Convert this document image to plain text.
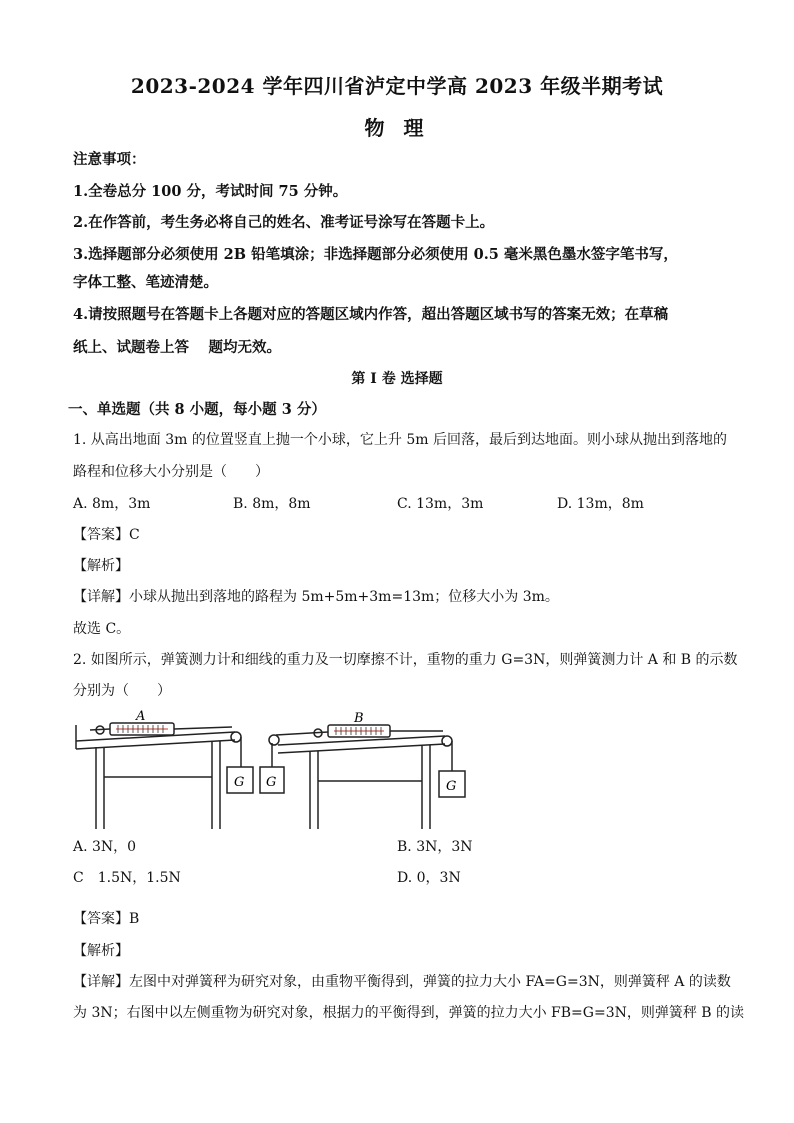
2023-2024 学年四川省泸定中学高 2023 年级半期考试
物 理
注意事项：
1.全卷总分 100 分，考试时间 75 分钟。
2.在作答前，考生务必将自己的姓名、准考证号涂写在答题卡上。
3.选择题部分必须使用 2B 铅笔填涂；非选择题部分必须使用 0.5 毫米黑色墨水签字笔书写，
字体工整、笔迹清楚。
4.请按照题号在答题卡上各题对应的答题区域内作答，超出答题区域书写的答案无效；在草稿
纸上、试题卷上答　 题均无效。
第 I 卷 选择题
一、单选题（共 8 小题，每小题 3 分）
1. 从高出地面 3m 的位置竖直上抛一个小球，它上升 5m 后回落，最后到达地面。则小球从抛出到落地的
路程和位移大小分别是（　　）
A. 8m，3m	B. 8m，8m	C. 13m，3m	D. 13m，8m
【答案】C
【解析】
【详解】小球从抛出到落地的路程为 5m+5m+3m=13m；位移大小为 3m。
故选 C。
2. 如图所示，弹簧测力计和细线的重力及一切摩擦不计，重物的重力 G=3N，则弹簧测力计 A 和 B 的示数
分别为（　　）
A
G
B
G	G
A. 3N，0	B. 3N，3N
C　1.5N，1.5N	D. 0，3N
【答案】B
【解析】
【详解】左图中对弹簧秤为研究对象，由重物平衡得到，弹簧的拉力大小 FA=G=3N，则弹簧秤 A 的读数
为 3N；右图中以左侧重物为研究对象，根据力的平衡得到，弹簧的拉力大小 FB=G=3N，则弹簧秤 B 的读
